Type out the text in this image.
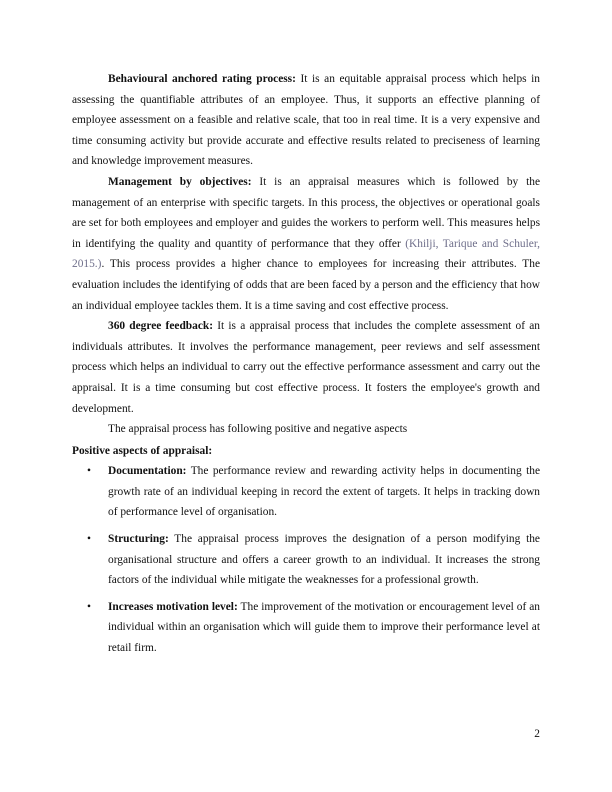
Behavioural anchored rating process: It is an equitable appraisal process which helps in assessing the quantifiable attributes of an employee. Thus, it supports an effective planning of employee assessment on a feasible and relative scale, that too in real time. It is a very expensive and time consuming activity but provide accurate and effective results related to preciseness of learning and knowledge improvement measures.

Management by objectives: It is an appraisal measures which is followed by the management of an enterprise with specific targets. In this process, the objectives or operational goals are set for both employees and employer and guides the workers to perform well. This measures helps in identifying the quality and quantity of performance that they offer (Khilji, Tarique and Schuler, 2015.). This process provides a higher chance to employees for increasing their attributes. The evaluation includes the identifying of odds that are been faced by a person and the efficiency that how an individual employee tackles them. It is a time saving and cost effective process.

360 degree feedback: It is a appraisal process that includes the complete assessment of an individuals attributes. It involves the performance management, peer reviews and self assessment process which helps an individual to carry out the effective performance assessment and carry out the appraisal. It is a time consuming but cost effective process. It fosters the employee's growth and development.

The appraisal process has following positive and negative aspects

Positive aspects of appraisal:

• Documentation: The performance review and rewarding activity helps in documenting the growth rate of an individual keeping in record the extent of targets. It helps in tracking down of performance level of organisation.
• Structuring: The appraisal process improves the designation of a person modifying the organisational structure and offers a career growth to an individual. It increases the strong factors of the individual while mitigate the weaknesses for a professional growth.
• Increases motivation level: The improvement of the motivation or encouragement level of an individual within an organisation which will guide them to improve their performance level at retail firm.
2
